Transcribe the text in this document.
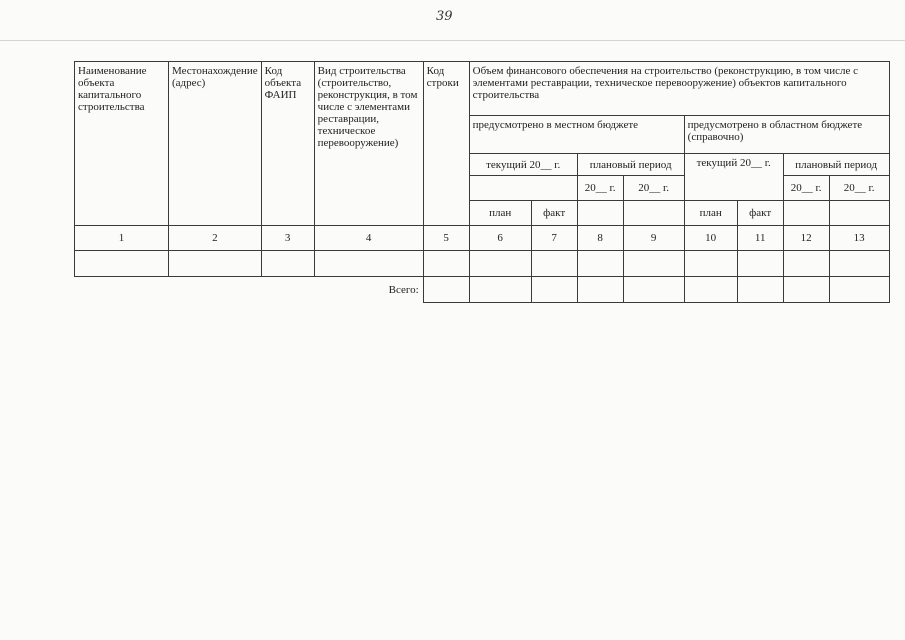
39
Наименование объекта капитального строительства	Местонахождение (адрес)	Код объекта ФАИП	Вид строительства (строительство, реконструкция, в том числе с элементами реставрации, техническое перевооружение)	Код строки	Объем финансового обеспечения на строительство (реконструкцию, в том числе с элементами реставрации, техническое перевооружение) объектов капитального строительства							
					предусмотрено в местном бюджете				предусмотрено в областном бюджете (справочно)			
					текущий 20__ г.		плановый период		текущий 20__ г.		плановый период	
							20__ г.	20__ г.			20__ г.	20__ г.
					план	факт			план	факт		
1	2	3	4	5	6	7	8	9	10	11	12	13

Всего:												
